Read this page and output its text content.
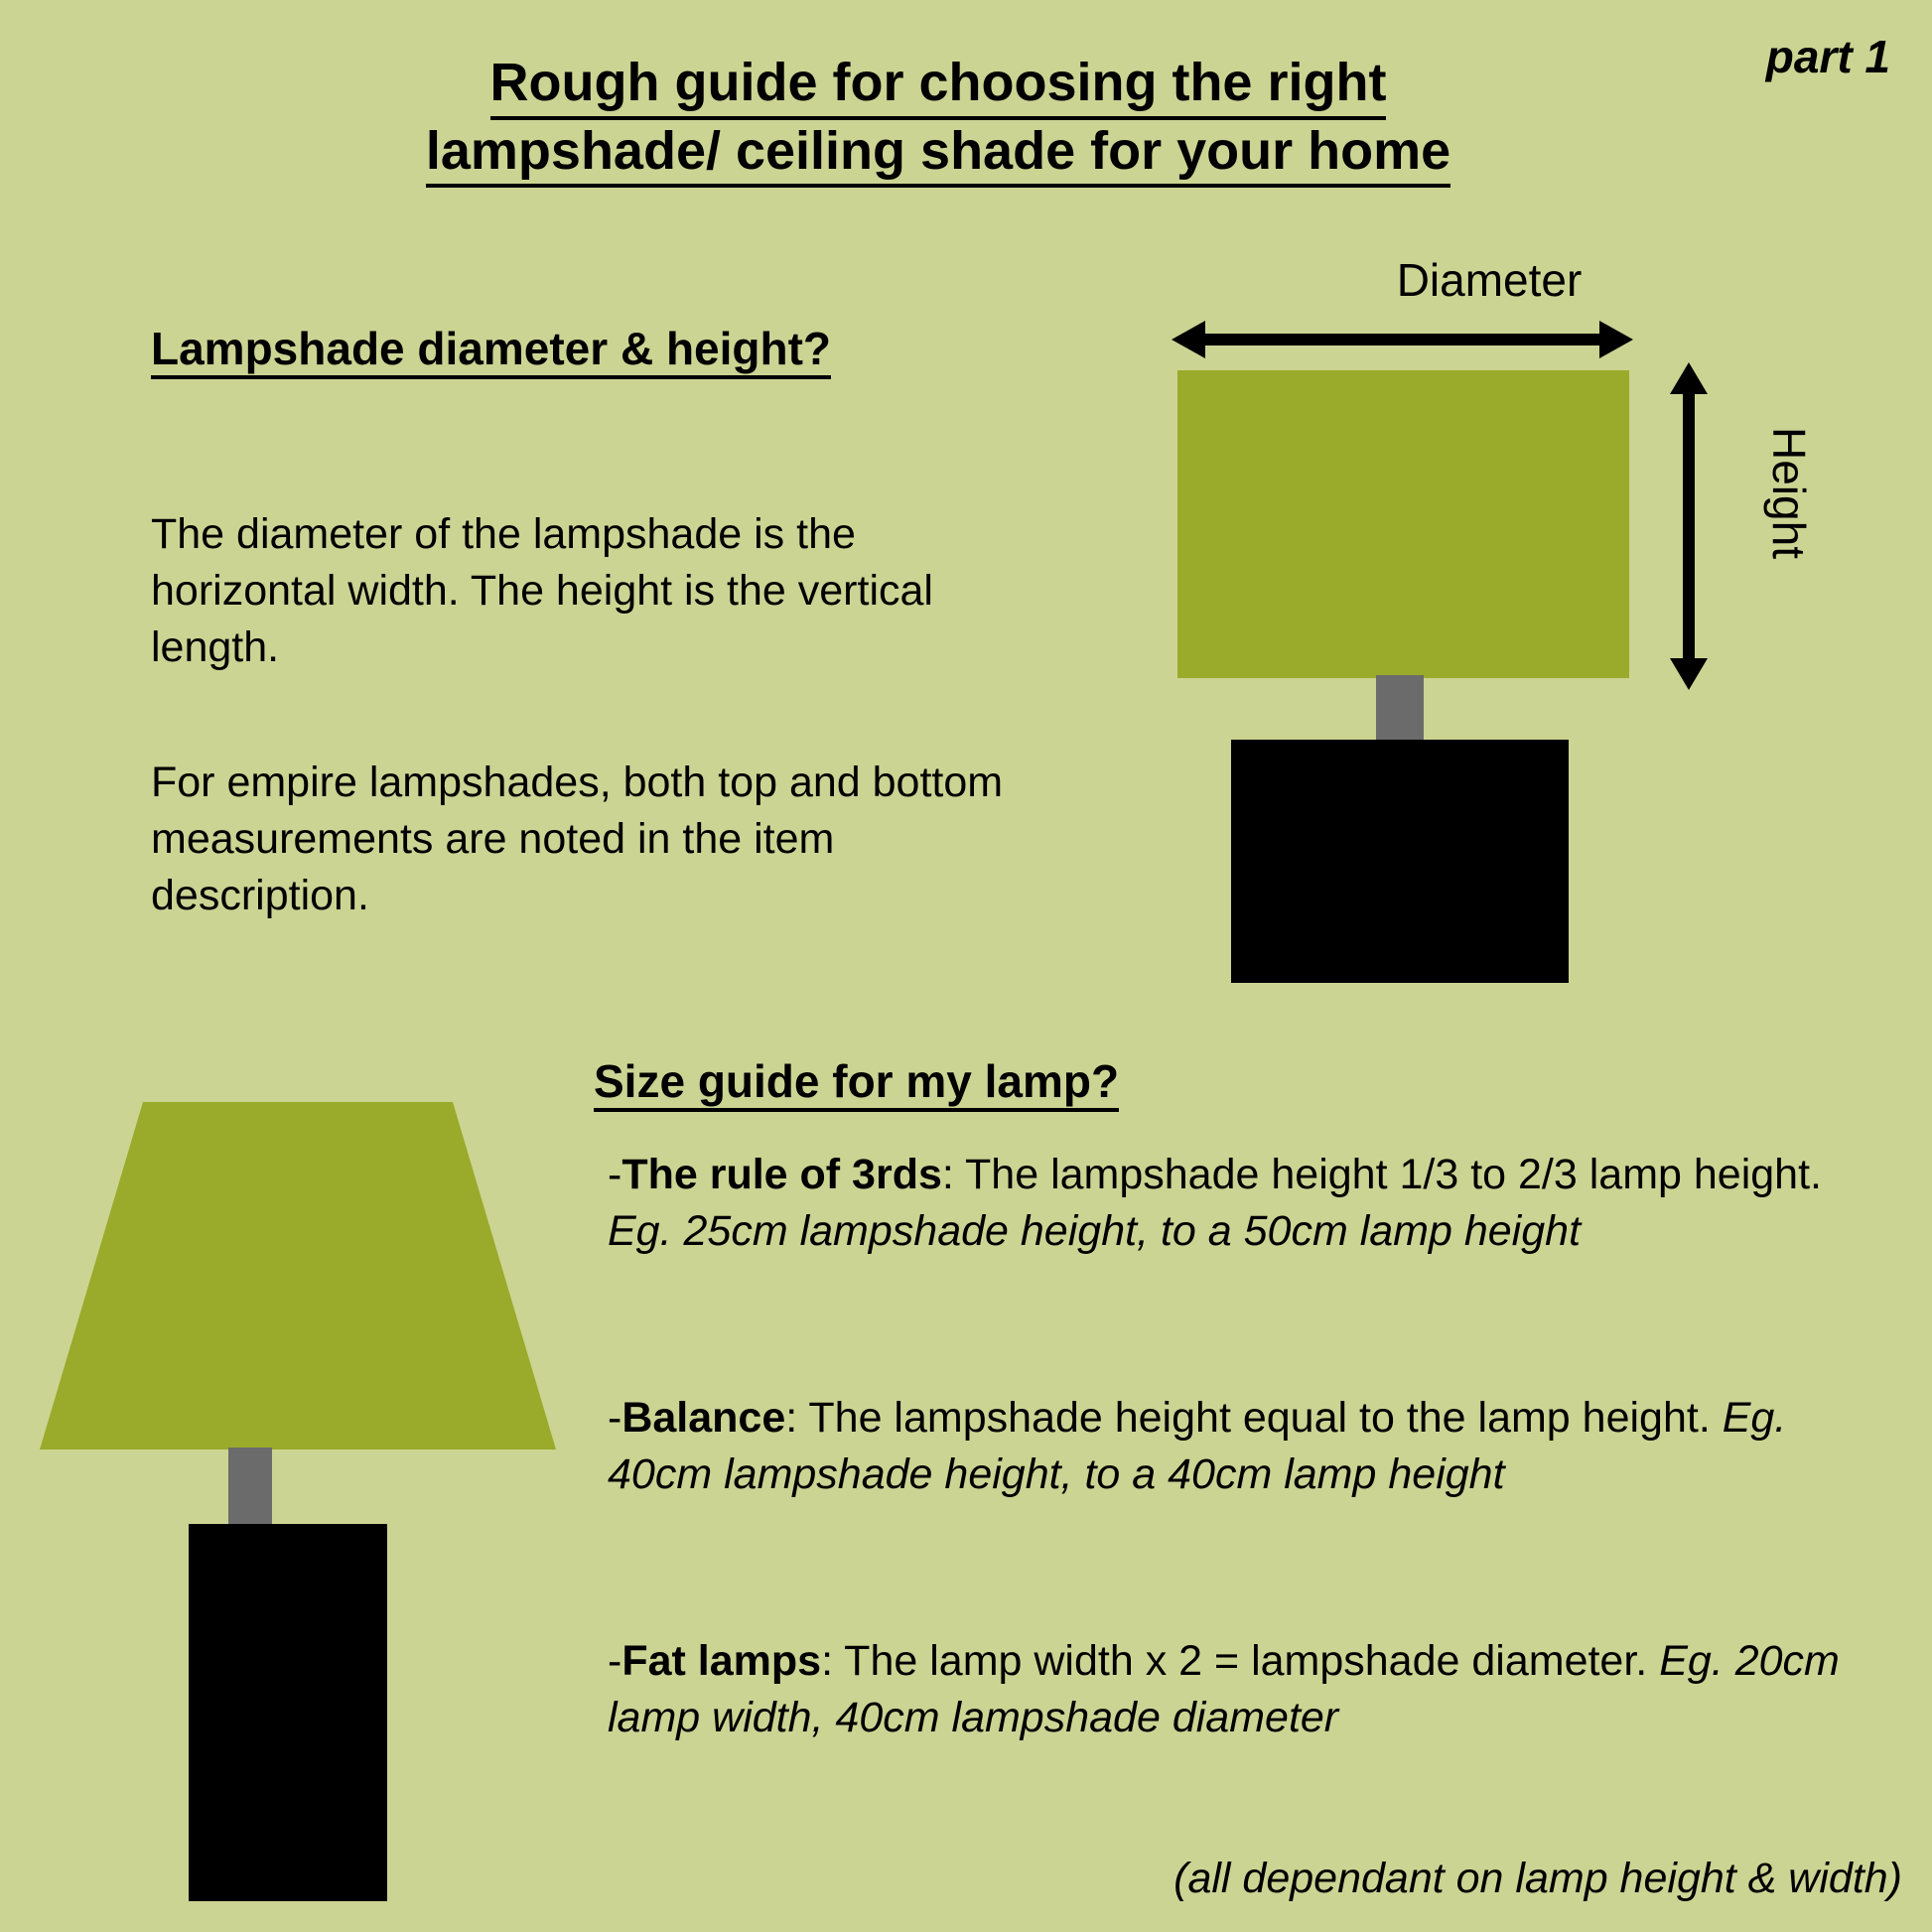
Rough guide for choosing the right
lampshade/ ceiling shade for your home
part 1
Lampshade diameter & height?
The diameter of the lampshade is the horizontal width. The height is the vertical length.
For empire lampshades, both top and bottom measurements are noted in the item description.
Diameter
Height
Size guide for my lamp?
-The rule of 3rds: The lampshade height 1/3 to 2/3 lamp height. Eg. 25cm lampshade height, to a 50cm lamp height
-Balance: The lampshade height equal to the lamp height. Eg. 40cm lampshade height, to a 40cm lamp height
-Fat lamps: The lamp width x 2 = lampshade diameter. Eg. 20cm lamp width, 40cm lampshade diameter
(all dependant on lamp height & width)
